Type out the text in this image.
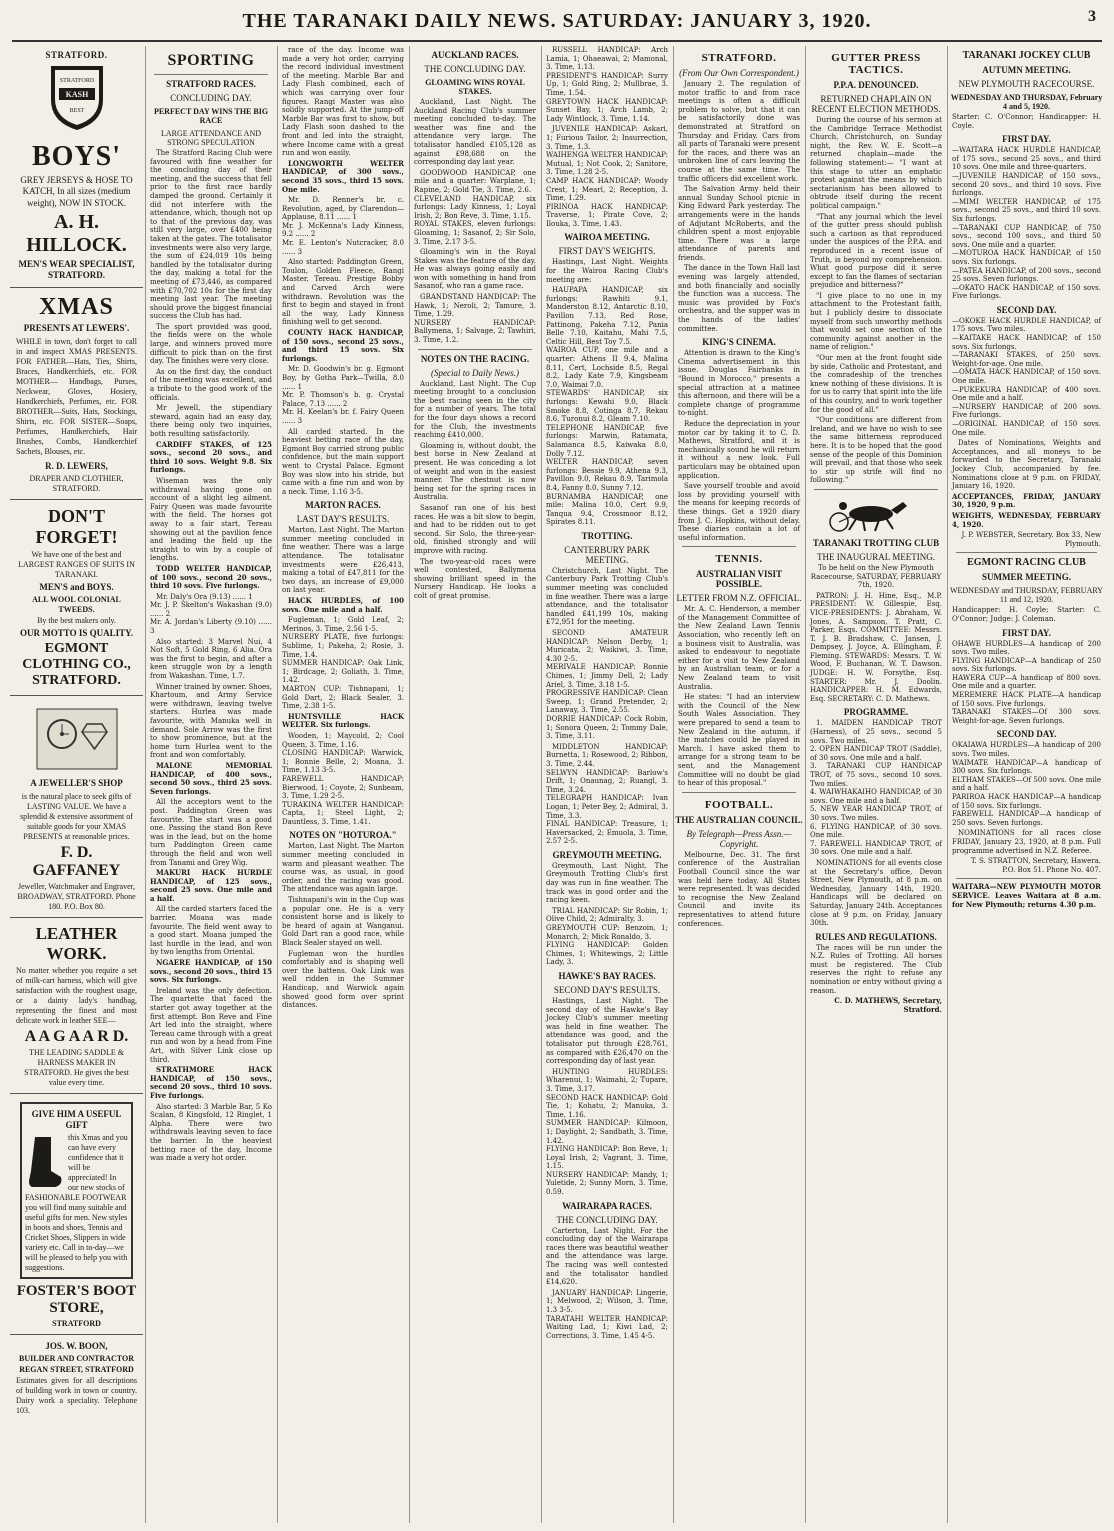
THE TARANAKI DAILY NEWS. SATURDAY: JANUARY 3, 1920.	3
STRATFORD.
KASH
STRATFORD
BEST
BOYS'
GREY JERSEYS & HOSE TO KATCH, In all sizes (medium weight), NOW IN STOCK.
A. H. HILLOCK.
MEN'S WEAR SPECIALIST, STRATFORD.
XMAS
PRESENTS AT LEWERS'.
WHILE in town, don't forget to call in and inspect XMAS PRESENTS. FOR FATHER—Hats, Ties, Shirts, Braces, Handkerchiefs, etc. FOR MOTHER— Handbags, Purses, Neckwear, Gloves, Hosiery, Handkerchiefs, Perfumes, etc. FOR BROTHER—Suits, Hats, Stockings, Shirts, etc. FOR SISTER—Soaps, Perfumes, Handkerchiefs, Hair Brushes, Combs, Handkerchief Sachets, Blouses, etc.
R. D. LEWERS,
DRAPER AND CLOTHIER, STRATFORD.
DON'T FORGET!
We have one of the best and LARGEST RANGES OF SUITS IN TARANAKI.
MEN'S and BOYS.
ALL WOOL COLONIAL TWEEDS.
By the best makers only.
OUR MOTTO IS QUALITY.
EGMONT CLOTHING CO., STRATFORD.
A JEWELLER'S SHOP
is the natural place to seek gifts of LASTING VALUE. We have a splendid & extensive assortment of suitable goods for your XMAS PRESENTS at reasonable prices.
F. D. GAFFANEY
Jeweller, Watchmaker and Engraver, BROADWAY, STRATFORD. Phone 180. P.O. Box 80.
LEATHER WORK.
No matter whether you require a set of milk-cart harness, which will give satisfaction with the roughest usage, or a dainty lady's handbag, representing the finest and most delicate work in leather SEE—
A A G A A R D.
THE LEADING SADDLE & HARNESS MAKER IN STRATFORD. He gives the best value every time.
GIVE HIM A USEFUL GIFT
this Xmas and you can have every confidence that it will be appreciated! In our new stocks of FASHIONABLE FOOTWEAR you will find many suitable and useful gifts for men. New styles in boots and shoes, Tennis and Cricket Shoes, Slippers in wide variety etc. Call in to-day—we will be pleased to help you with suggestions.
FOSTER'S BOOT STORE,
STRATFORD
JOS. W. BOON,
BUILDER AND CONTRACTOR
REGAN STREET, STRATFORD
Estimates given for all descriptions of building work in town or country. Dairy work a speciality. Telephone 103.
SPORTING
STRATFORD RACES.
CONCLUDING DAY.
PERFECT DAY WINS THE BIG RACE
LARGE ATTENDANCE AND STRONG SPECULATION

The Stratford Racing Club were favoured with fine weather for the concluding day of their meeting, and the success that fell prior to the first race hardly damped the ground. Certainly it did not interfere with the attendance, which, though not up to that of the previous day, was still very large, over £400 being taken at the gates. The totalisator investments were also very large, the sum of £24,019 10s being handled by the totalisator during the day, making a total for the meeting of £73,446, as compared with £70,702 10s for the first day meeting last year. The meeting should prove the biggest financial success the Club has had.

The sport provided was good, the fields were on the whole large, and winners proved more difficult to pick than on the first day. The finishes were very close.

As on the first day, the conduct of the meeting was excellent, and a tribute to the good work of the officials.

Mr Jewell, the stipendiary steward, again had an easy day, there being only two inquiries, both resulting satisfactorily.

CARDIFF STAKES, of 125 sovs., second 20 sovs., and third 10 sovs. Weight 9.8. Six furlongs.

Wiseman was the only withdrawal having gone on account of a slight leg ailment. Fairy Queen was made favourite with the field. The horses got away to a fair start, Tereau showing out at the pavilion fence and leading the field up the straight to win by a couple of lengths.

TODD WELTER HANDICAP, of 100 sovs., second 20 sovs., third 10 sovs. Five furlongs.

Mr. Daly's Ora (9.13) ...... 1
Mr. J. P. Skelton's Wakashan (9.0) ...... 2
Mr. A. Jordan's Liberty (9.10) ...... 3

Also started: 3 Marvel Nui, 4 Not Soft, 5 Gold Ring, 6 Alia. Ora was the first to begin, and after a keen struggle won by a length from Wakashan. Time, 1.7.

Winner trained by owner. Shoes, Khartoum, and Army Service were withdrawn, leaving twelve starters. Hurlea was made favourite, with Manuka well in demand. Sole Arrow was the first to show prominence, but at the home turn Hurlea went to the front and won comfortably.

MALONE MEMORIAL HANDICAP, of 400 sovs., second 50 sovs., third 25 sovs. Seven furlongs.

All the acceptors went to the post. Paddington Green was favourite. The start was a good one. Passing the stand Bon Reve was in the lead, but on the home turn Paddington Green came through the field and won well from Tanami and Grey Wig.

MAKURI HACK HURDLE HANDICAP, of 125 sovs., second 25 sovs. One mile and a half.

All the carded starters faced the barrier. Moana was made favourite. The field went away to a good start. Moana jumped the last hurdle in the lead, and won by two lengths from Oriental.

NGAERE HANDICAP, of 150 sovs., second 20 sovs., third 15 sovs. Six furlongs.

Ireland was the only defection. The quartette that faced the starter got away together at the first attempt. Bon Reve and Fine Art led into the straight, where Tereau came through with a great run and won by a head from Fine Art, with Silver Link close up third.

STRATHMORE HACK HANDICAP, of 150 sovs., second 20 sovs., third 10 sovs. Five furlongs.

Also started: 3 Marble Bar, 5 Ko Scalan, 8 Kingsfold, 12 Ringlet, 1 Alpha. There were two withdrawals leaving seven to face the barrier. In the heaviest betting race of the day, Income was made a very hot order.

race of the day. Income was made a very hot order, carrying the record individual investment of the meeting. Marble Bar and Lady Flash combined, each of which was carrying over four figures. Rangi Master was also solidly supported. At the jump-off Marble Bar was first to show, but Lady Flash soon dashed to the front and led into the straight, where Income came with a great run and won easily.

LONGWORTH WELTER HANDICAP, of 300 sovs., second 35 sovs., third 15 sovs. One mile.

Mr. D. Renner's br. c. Revolution, aged, by Clarendon—Applause, 8.11 ...... 1
Mr. J. McKenna's Lady Kinness, 9.2 ...... 2
Mr. E. Lenton's Nutcracker, 8.0 ...... 3

Also started: Paddington Green, Toulon, Golden Fleece, Rangi Master, Tereau. Prestige Bobby and Carved Arch were withdrawn. Revolution was the first to begin and stayed in front all the way, Lady Kinness finishing well to get second.

COUNTY HACK HANDICAP, of 150 sovs., second 25 sovs., and third 15 sovs. Six furlongs.

Mr. D. Goodwin's br. g. Egmont Boy, by Gotha Park—Twilla, 8.0 ...... 1
Mr. P. Thomson's b. g. Crystal Palace, 7.13 ...... 2
Mr. H. Keelan's br. f. Fairy Queen ...... 3

All carded started. In the heaviest betting race of the day, Egmont Boy carried strong public confidence, but the main support went to Crystal Palace. Egmont Boy was slow into his stride, but came with a fine run and won by a neck. Time, 1.16 3-5.

MARTON RACES.
LAST DAY'S RESULTS.

Marton, Last Night. The Marton summer meeting concluded in fine weather. There was a large attendance. The totalisator investments were £26,413, making a total of £47,811 for the two days, an increase of £9,000 on last year.

HACK HURDLES, of 100 sovs. One mile and a half.

Fugleman, 1; Gold Leaf, 2; Merinos, 3. Time, 2.56 1-5.
NURSERY PLATE, five furlongs: Sublime, 1; Pakeha, 2; Rosie, 3. Time, 1.4.
SUMMER HANDICAP: Oak Link, 1; Birdcage, 2; Goliath, 3. Time, 1.42.
MARTON CUP: Tishnapani, 1; Gold Dart, 2; Black Sealer, 3. Time, 2.38 1-5.

HUNTSVILLE HACK WELTER. Six furlongs.

Wooden, 1; Maycold, 2; Cool Queen, 3. Time, 1.16.
CLOSING HANDICAP: Warwick, 1; Bonnie Belle, 2; Moana, 3. Time, 1.13 3-5.
FAREWELL HANDICAP: Bierwood, 1; Coyote, 2; Sunbeam, 3. Time, 1.29 2-5.
TURAKINA WELTER HANDICAP: Capta, 1; Steel Light, 2; Dauntless, 3. Time, 1.41.

NOTES ON "HOTUROA."

Marton, Last Night. The Marton summer meeting concluded in warm and pleasant weather. The course was, as usual, in good order, and the racing was good. The attendance was again large.

Tishnapani's win in the Cup was a popular one. He is a very consistent horse and is likely to be heard of again at Wanganui. Gold Dart ran a good race, while Black Sealer stayed on well.

Fugleman won the hurdles comfortably and is shaping well over the battens. Oak Link was well ridden in the Summer Handicap, and Warwick again showed good form over sprint distances.

AUCKLAND RACES.
THE CONCLUDING DAY.
GLOAMING WINS ROYAL STAKES.

Auckland, Last Night. The Auckland Racing Club's summer meeting concluded to-day. The weather was fine and the attendance very large. The totalisator handled £105,128 as against £98,688 on the corresponding day last year.

GOODWOOD HANDICAP, one mile and a quarter: Warplane, 1; Rapine, 2; Gold Tie, 3. Time, 2.6.
CLEVELAND HANDICAP, six furlongs: Lady Kinness, 1; Loyal Irish, 2; Bon Reve, 3. Time, 1.15.
ROYAL STAKES, eleven furlongs: Gloaming, 1; Sasanof, 2; Sir Solo, 3. Time, 2.17 3-5.

Gloaming's win in the Royal Stakes was the feature of the day. He was always going easily and won with something in hand from Sasanof, who ran a game race.

GRANDSTAND HANDICAP: The Hawk, 1; Neroli, 2; Tamure, 3. Time, 1.29.
NURSERY HANDICAP: Ballymena, 1; Salvage, 2; Tawhiri, 3. Time, 1.2.

NOTES ON THE RACING.
(Special to Daily News.)

Auckland, Last Night. The Cup meeting brought to a conclusion the best racing seen in the city for a number of years. The total for the four days shows a record for the Club, the investments reaching £410,000.

Gloaming is, without doubt, the best horse in New Zealand at present. He was conceding a lot of weight and won in the easiest manner. The chestnut is now being set for the spring races in Australia.

Sasanof ran one of his best races. He was a bit slow to begin, and had to be ridden out to get second. Sir Solo, the three-year-old, finished strongly and will improve with racing.

The two-year-old races were well contested, Ballymena showing brilliant speed in the Nursery Handicap. He looks a colt of great promise.

RUSSELL HANDICAP: Arch Lamia, 1; Ohaeawai, 2; Mamonal, 3. Time, 1.13.
PRESIDENT'S HANDICAP: Surry Up, 1; Gold Ring, 2; Mullbrae, 3. Time, 1.54.
GREYTOWN HACK HANDICAP: Sunset Bay, 1; Arch Lamb, 2; Lady Wintlock, 3. Time, 1.14.

JUVENILE HANDICAP: Askari, 1; Furious Tailor, 2; Insurrection, 3. Time, 1.3.
WAIHENGA WELTER HANDICAP: Mutual, 1; Not Cook, 2; Sanitore, 3. Time, 1.28 2-5.
CAMP HACK HANDICAP: Woody Crest, 1; Mearl, 2; Reception, 3. Time, 1.29.
PIRINOA HACK HANDICAP: Traverse, 1; Pirate Cove, 2; Ilouka, 3. Time, 1.43.

WAIROA MEETING.
FIRST DAY'S WEIGHTS.

Hastings, Last Night. Weights for the Wairoa Racing Club's meeting are:

HAUPAPA HANDICAP, six furlongs: Rawhiti 9.1, Manderston 8.12, Antarctic 8.10, Pavillon 7.13, Red Rose, Pattinong, Pakeha 7.12, Pania Belle 7.10, Kaitahu, Mahi 7.5, Celtic Hill, Best Toy 7.5.
WAIROA CUP, one mile and a quarter: Athens II 9.4, Malina 8.11, Cert, Lochside 8.5, Regal 8.2, Lady Kate 7.9, Kingsbeam 7.0, Waimai 7.0.
STEWARDS' HANDICAP, six furlongs: Kewahi 9.0, Black Smoke 8.8, Cotinga 8.7, Rekau 8.6, Turonui 8.2, Gleam 7.10.
TELEPHONE HANDICAP, five furlongs: Marwin, Ratamata, Salamanca 8.5, Kaiwaka 8.0, Dolly 7.12.
WELTER HANDICAP, seven furlongs: Bessie 9.9, Athena 9.3, Pavillon 9.0, Rekau 8.9, Tarimola 8.4, Fanny 8.0, Sunny 7.12.
BURNAMBA HANDICAP, one mile: Malina 10.0, Cert 9.9, Tanqua 9.4, Crossmoor 8.12, Spirates 8.11.

TROTTING.
CANTERBURY PARK MEETING.

Christchurch, Last Night. The Canterbury Park Trotting Club's summer meeting was concluded in fine weather. There was a large attendance, and the totalisator handled £41,199 10s, making £72,951 for the meeting.

SECOND AMATEUR HANDICAP: Nelson Derby, 1; Muricata, 2; Waikiwi, 3. Time, 4.30 2-5.
MERIVALE HANDICAP: Ronnie Chimes, 1; Jimmy Dell, 2; Lady Ariel, 3. Time, 3.18 1-5.
PROGRESSIVE HANDICAP: Clean Sweep, 1; Grand Pretender, 2; Lanaway, 3. Time, 2.55.
DORRIE HANDICAP: Cock Robin, 1; Sonora Queen, 2; Tommy Dale, 3. Time, 3.11.

MIDDLETON HANDICAP: Burnetta, 1; Rosewood, 2; Ribbon, 3. Time, 2.44.
SELWYN HANDICAP: Barlow's Drift, 1; Onaunag, 2; Ruangl, 3. Time, 3.24.
TELEGRAPH HANDICAP: Ivan Logan, 1; Peter Bey, 2; Admiral, 3. Time, 3.3.
FINAL HANDICAP: Treasure, 1; Haversacked, 2; Emuola, 3. Time, 2.57 2-5.

GREYMOUTH MEETING.

Greymouth, Last Night. The Greymouth Trotting Club's first day was run in fine weather. The track was in good order and the racing keen.

TRIAL HANDICAP: Sir Robin, 1; Olive Child, 2; Admiralty, 3.
GREYMOUTH CUP: Benzoin, 1; Monarch, 2; Mick Ronaldo, 3.
FLYING HANDICAP: Golden Chimes, 1; Whitewings, 2; Little Lady, 3.

HAWKE'S BAY RACES.
SECOND DAY'S RESULTS.

Hastings, Last Night. The second day of the Hawke's Bay Jockey Club's summer meeting was held in fine weather. The attendance was good, and the totalisator put through £28,761, as compared with £26,470 on the corresponding day of last year.

HUNTING HURDLES: Wharenui, 1; Waimahi, 2; Tupare, 3. Time, 3.17.
SECOND HACK HANDICAP: Gold Tie, 1; Kohatu, 2; Manuka, 3. Time, 1.16.
SUMMER HANDICAP: Kilmoon, 1; Daylight, 2; Sandbath, 3. Time, 1.42.
FLYING HANDICAP: Bon Reve, 1; Loyal Irish, 2; Vagrant, 3. Time, 1.15.
NURSERY HANDICAP: Mandy, 1; Yuletide, 2; Sunny Morn, 3. Time, 0.59.

WAIRARAPA RACES.
THE CONCLUDING DAY.

Carterton, Last Night. For the concluding day of the Wairarapa races there was beautiful weather and the attendance was large. The racing was well contested and the totalisator handled £14,620.

JANUARY HANDICAP: Lingerie, 1; Melwood, 2; Wilson, 3. Time, 1.3 3-5.
TARATAHI WELTER HANDICAP: Waiting Lad, 1; Kiwi Lad, 2; Corrections, 3. Time, 1.45 4-5.

STRATFORD.
(From Our Own Correspondent.)

January 2. The regulation of motor traffic to and from race meetings is often a difficult problem to solve, but that it can be satisfactorily done was demonstrated at Stratford on Thursday and Friday. Cars from all parts of Taranaki were present for the races, and there was an unbroken line of cars leaving the course at the same time. The traffic officers did excellent work.

The Salvation Army held their annual Sunday School picnic in King Edward Park yesterday. The arrangements were in the hands of Adjutant McRoberts, and the children spent a most enjoyable time. There was a large attendance of parents and friends.

The dance in the Town Hall last evening was largely attended, and both financially and socially the function was a success. The music was provided by Fox's orchestra, and the supper was in the hands of the ladies' committee.

KING'S CINEMA.

Attention is drawn to the King's Cinema advertisement in this issue. Douglas Fairbanks in "Bound in Morocco," presents a special attraction at a matinee this afternoon, and there will be a complete change of programme to-night.

Reduce the depreciation in your motor car by taking it to C. D. Mathews, Stratford, and it is mechanically sound he will return it without a new look. Full particulars may be obtained upon application.

Save yourself trouble and avoid loss by providing yourself with the means for keeping records of these things. Get a 1920 diary from J. C. Hopkins, without delay. These diaries contain a lot of useful information.

TENNIS.
AUSTRALIAN VISIT POSSIBLE.
LETTER FROM N.Z. OFFICIAL.

Mr. A. C. Henderson, a member of the Management Committee of the New Zealand Lawn Tennis Association, who recently left on a business visit to Australia, was asked to endeavour to negotiate either for a visit to New Zealand by an Australian team, or for a New Zealand team to visit Australia.

He states: "I had an interview with the Council of the New South Wales Association. They were prepared to send a team to New Zealand in the autumn, if the matches could be played in March. I have asked them to arrange for a strong team to be sent, and the Management Committee will no doubt be glad to hear of this proposal."

FOOTBALL.
THE AUSTRALIAN COUNCIL.
By Telegraph—Press Assn.—Copyright.

Melbourne, Dec. 31. The first conference of the Australian Football Council since the war was held here today. All States were represented. It was decided to recognise the New Zealand Council and invite its representatives to attend future conferences.

GUTTER PRESS TACTICS.
P.P.A. DENOUNCED.
RETURNED CHAPLAIN ON RECENT ELECTION METHODS.

During the course of his sermon at the Cambridge Terrace Methodist Church, Christchurch, on Sunday night, the Rev. W. E. Scott—a returned chaplain—made the following statement:— "I want at this stage to utter an emphatic protest against the means by which sectarianism has been allowed to obtrude itself during the recent political campaign."

"That any journal which the level of the gutter press should publish such a cartoon as that reproduced under the auspices of the P.P.A. and reproduced in a recent issue of Truth, is beyond my comprehension. What good purpose did it serve except to fan the flames of sectarian prejudice and bitterness?"

"I give place to no one in my attachment to the Protestant faith, but I publicly desire to dissociate myself from such unworthy methods that would set one section of the community against another in the name of religion."

"Our men at the front fought side by side, Catholic and Protestant, and the comradeship of the trenches knew nothing of these divisions. It is for us to carry that spirit into the life of this country, and to work together for the good of all."

"Our conditions are different from Ireland, and we have no wish to see the same bitterness reproduced here. It is to be hoped that the good sense of the people of this Dominion will prevail, and that those who seek to stir up strife will find no following."

TARANAKI TROTTING CLUB
THE INAUGURAL MEETING.

To be held on the New Plymouth Racecourse, SATURDAY, FEBRUARY 7th, 1920.

PATRON: J. H. Hine, Esq., M.P. PRESIDENT: W. Gillespie, Esq. VICE-PRESIDENTS: J. Abraham, W. Jones, A. Sampson, T. Pratt, C. Parker, Esqs. COMMITTEE: Messrs. T. J. B. Bradshaw, C. Jansen, J. Dempsey, J. Joyce, A. Ellingham, F. Fleming. STEWARDS: Messrs. T. W. Wood, F. Buchanan, W. T. Dawson. JUDGE: H. W. Forsythe, Esq. STARTER: Mr. J. Doolin. HANDICAPPER: H. M. Edwards, Esq. SECRETARY: C. D. Mathews.

PROGRAMME.

1. MAIDEN HANDICAP TROT (Harness), of 25 sovs., second 5 sovs. Two miles.
2. OPEN HANDICAP TROT (Saddle), of 30 sovs. One mile and a half.
3. TARANAKI CUP HANDICAP TROT, of 75 sovs., second 10 sovs. Two miles.
4. WAIWHAKAIHO HANDICAP, of 30 sovs. One mile and a half.
5. NEW YEAR HANDICAP TROT, of 30 sovs. Two miles.
6. FLYING HANDICAP, of 30 sovs. One mile.
7. FAREWELL HANDICAP TROT, of 30 sovs. One mile and a half.

NOMINATIONS for all events close at the Secretary's office, Devon Street, New Plymouth, at 8 p.m. on Wednesday, January 14th, 1920. Handicaps will be declared on Saturday, January 24th. Acceptances close at 9 p.m. on Friday, January 30th.

RULES AND REGULATIONS.

The races will be run under the N.Z. Rules of Trotting. All horses must be registered. The Club reserves the right to refuse any nomination or entry without giving a reason.

C. D. MATHEWS, Secretary, Stratford.

TARANAKI JOCKEY CLUB
AUTUMN MEETING.
NEW PLYMOUTH RACECOURSE.
WEDNESDAY AND THURSDAY, February 4 and 5, 1920.

Starter: C. O'Connor; Handicapper: H. Coyle.

FIRST DAY.

—WAITARA HACK HURDLE HANDICAP, of 175 sovs., second 25 sovs., and third 10 sovs. One mile and three-quarters.
—JUVENILE HANDICAP, of 150 sovs., second 20 sovs., and third 10 sovs. Five furlongs.
—MIMI WELTER HANDICAP, of 175 sovs., second 25 sovs., and third 10 sovs. Six furlongs.
—TARANAKI CUP HANDICAP, of 750 sovs., second 100 sovs., and third 50 sovs. One mile and a quarter.
—MOTUROA HACK HANDICAP, of 150 sovs. Six furlongs.
—PATEA HANDICAP, of 200 sovs., second 25 sovs. Seven furlongs.
—OKATO HACK HANDICAP, of 150 sovs. Five furlongs.

SECOND DAY.

—OKOKE HACK HURDLE HANDICAP, of 175 sovs. Two miles.
—KAITAKE HACK HANDICAP, of 150 sovs. Six furlongs.
—TARANAKI STAKES, of 250 sovs. Weight-for-age. One mile.
—OMATA HACK HANDICAP, of 150 sovs. One mile.
—PUKEKURA HANDICAP, of 400 sovs. One mile and a half.
—NURSERY HANDICAP, of 200 sovs. Five furlongs.
—ORIGINAL HANDICAP, of 150 sovs. One mile.

Dates of Nominations, Weights and Acceptances, and all moneys to be forwarded to the Secretary, Taranaki Jockey Club, accompanied by fee. Nominations close at 9 p.m. on FRIDAY, January 16, 1920.

ACCEPTANCES, FRIDAY, JANUARY 30, 1920, 9 p.m.

WEIGHTS, WEDNESDAY, FEBRUARY 4, 1920.

J. P. WEBSTER, Secretary. Box 33, New Plymouth.

EGMONT RACING CLUB
SUMMER MEETING.
WEDNESDAY and THURSDAY, FEBRUARY 11 and 12, 1920.

Handicapper: H. Coyle; Starter: C. O'Connor; Judge: J. Coleman.

FIRST DAY.

OHAWE HURDLES—A handicap of 200 sovs. Two miles.
FLYING HANDICAP—A handicap of 250 sovs. Six furlongs.
HAWERA CUP—A handicap of 800 sovs. One mile and a quarter.
MEREMERE HACK PLATE—A handicap of 150 sovs. Five furlongs.
TARANAKI STAKES—Of 300 sovs. Weight-for-age. Seven furlongs.

SECOND DAY.

OKAIAWA HURDLES—A handicap of 200 sovs. Two miles.
WAIMATE HANDICAP—A handicap of 300 sovs. Six furlongs.
ELTHAM STAKES—Of 500 sovs. One mile and a half.
PARIROA HACK HANDICAP—A handicap of 150 sovs. Six furlongs.
FAREWELL HANDICAP—A handicap of 250 sovs. Seven furlongs.

NOMINATIONS for all races close FRIDAY, January 23, 1920, at 8 p.m. Full programme advertised in N.Z. Referee.

T. S. STRATTON, Secretary, Hawera. P.O. Box 51. Phone No. 407.

WAITARA—NEW PLYMOUTH MOTOR SERVICE. Leaves Waitara at 8 a.m. for New Plymouth; returns 4.30 p.m.
